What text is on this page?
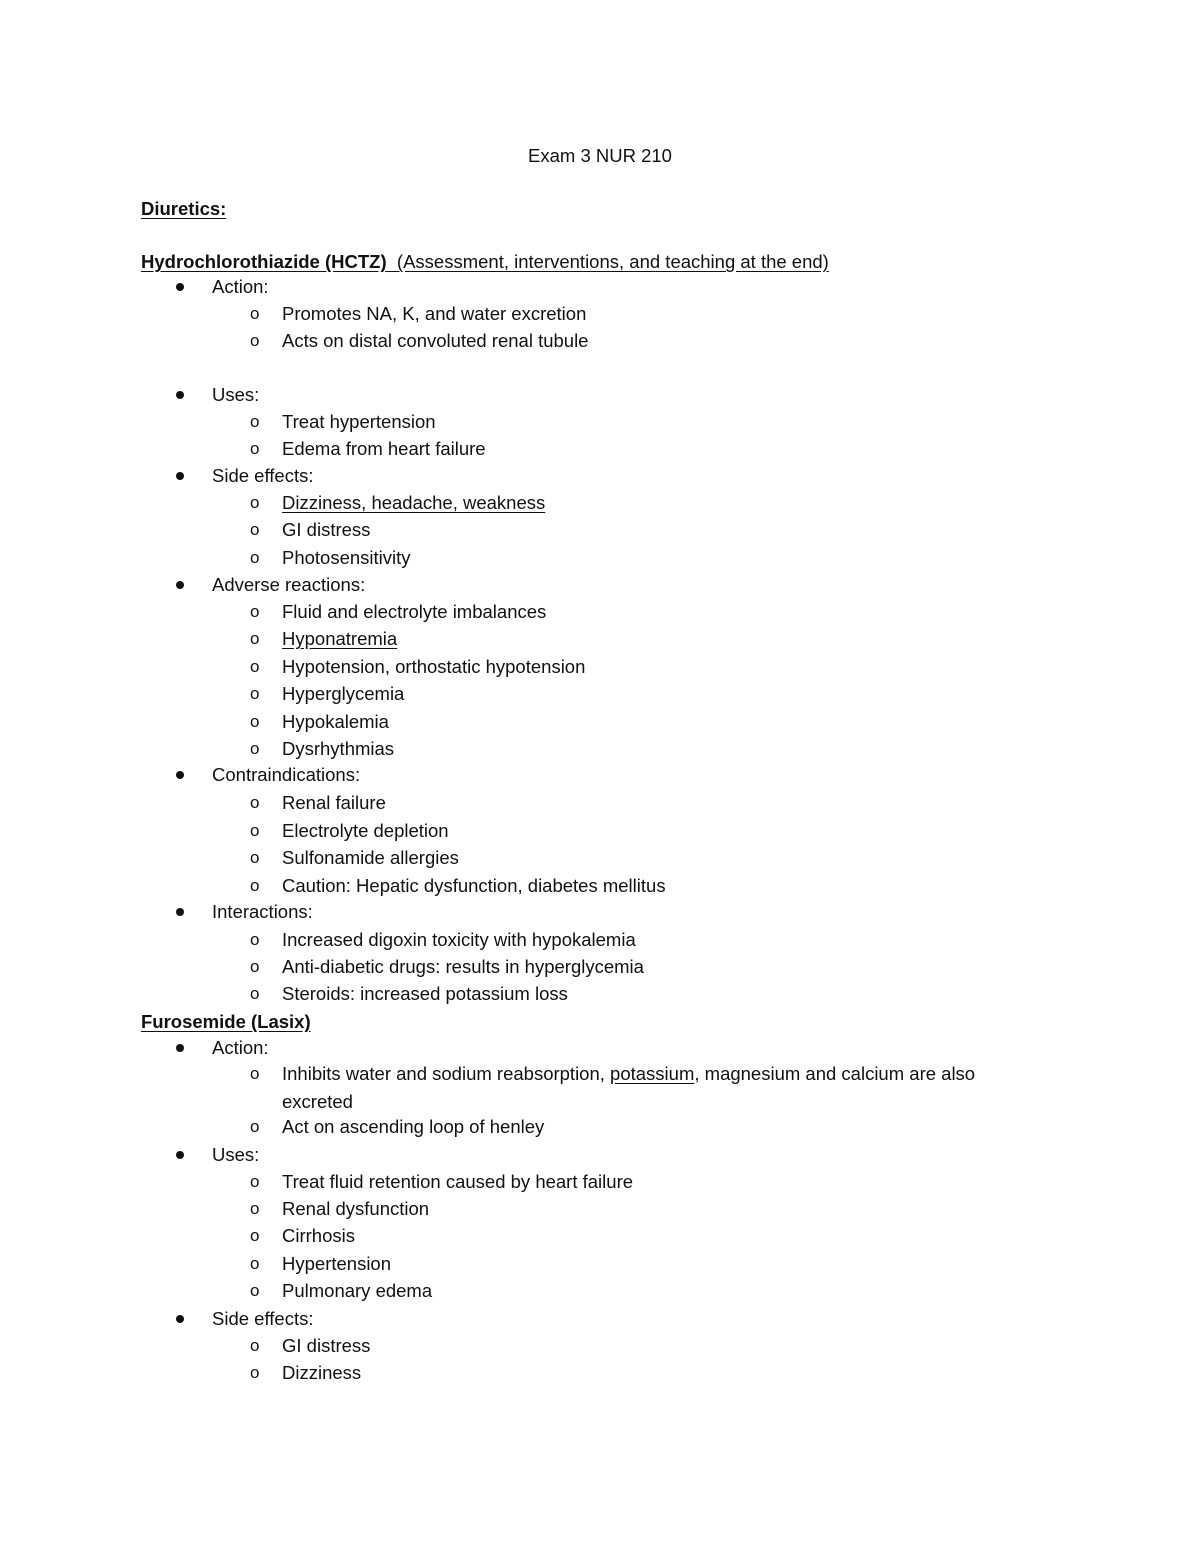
Exam 3 NUR 210
Diuretics:
Hydrochlorothiazide (HCTZ) (Assessment, interventions, and teaching at the end)
Action:
o Promotes NA, K, and water excretion
o Acts on distal convoluted renal tubule
Uses:
o Treat hypertension
o Edema from heart failure
Side effects:
o Dizziness, headache, weakness
o GI distress
o Photosensitivity
Adverse reactions:
o Fluid and electrolyte imbalances
o Hyponatremia
o Hypotension, orthostatic hypotension
o Hyperglycemia
o Hypokalemia
o Dysrhythmias
Contraindications:
o Renal failure
o Electrolyte depletion
o Sulfonamide allergies
o Caution: Hepatic dysfunction, diabetes mellitus
Interactions:
o Increased digoxin toxicity with hypokalemia
o Anti-diabetic drugs: results in hyperglycemia
o Steroids: increased potassium loss
Furosemide (Lasix)
Action:
o Inhibits water and sodium reabsorption, potassium, magnesium and calcium are also
excreted
o Act on ascending loop of henley
Uses:
o Treat fluid retention caused by heart failure
o Renal dysfunction
o Cirrhosis
o Hypertension
o Pulmonary edema
Side effects:
o GI distress
o Dizziness
